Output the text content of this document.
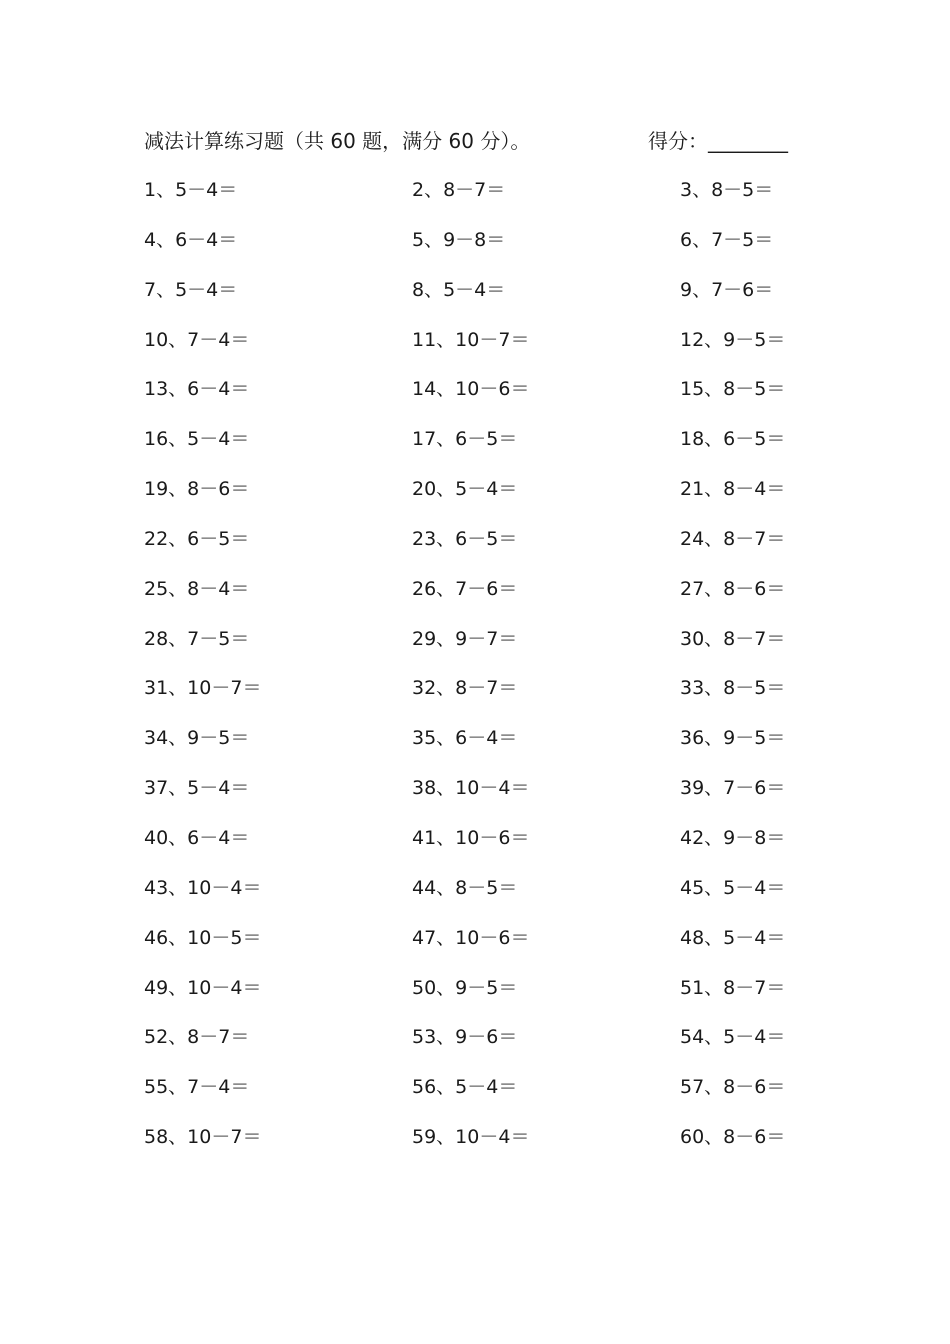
减法计算练习题（共 60 题，满分 60 分）。	得分：________
1、5－4＝	2、8－7＝	3、8－5＝
4、6－4＝	5、9－8＝	6、7－5＝
7、5－4＝	8、5－4＝	9、7－6＝
10、7－4＝	11、10－7＝	12、9－5＝
13、6－4＝	14、10－6＝	15、8－5＝
16、5－4＝	17、6－5＝	18、6－5＝
19、8－6＝	20、5－4＝	21、8－4＝
22、6－5＝	23、6－5＝	24、8－7＝
25、8－4＝	26、7－6＝	27、8－6＝
28、7－5＝	29、9－7＝	30、8－7＝
31、10－7＝	32、8－7＝	33、8－5＝
34、9－5＝	35、6－4＝	36、9－5＝
37、5－4＝	38、10－4＝	39、7－6＝
40、6－4＝	41、10－6＝	42、9－8＝
43、10－4＝	44、8－5＝	45、5－4＝
46、10－5＝	47、10－6＝	48、5－4＝
49、10－4＝	50、9－5＝	51、8－7＝
52、8－7＝	53、9－6＝	54、5－4＝
55、7－4＝	56、5－4＝	57、8－6＝
58、10－7＝	59、10－4＝	60、8－6＝
